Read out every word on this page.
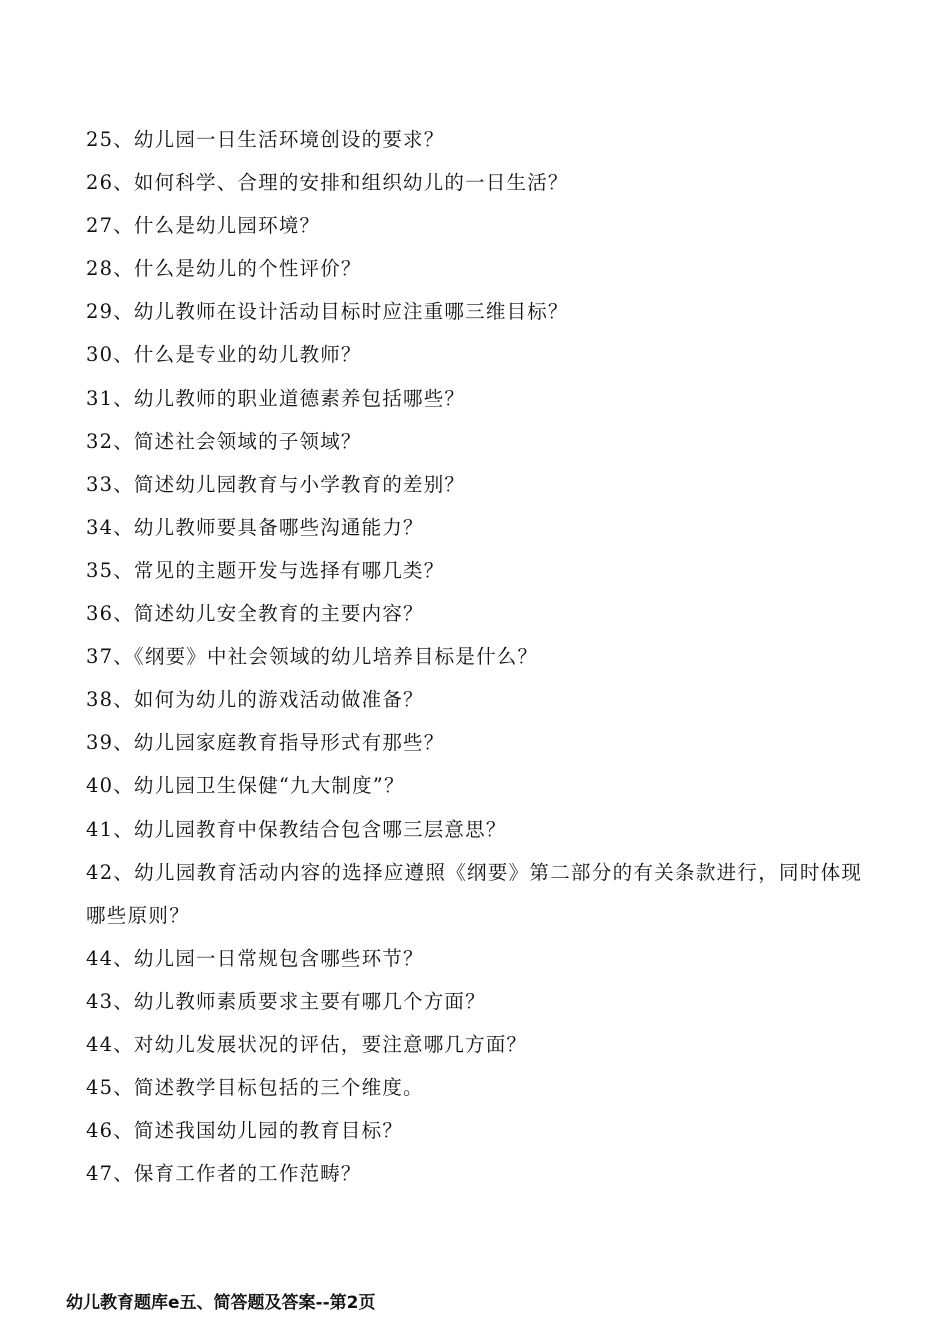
25、幼儿园一日生活环境创设的要求？
26、如何科学、合理的安排和组织幼儿的一日生活？
27、什么是幼儿园环境？
28、什么是幼儿的个性评价？
29、幼儿教师在设计活动目标时应注重哪三维目标？
30、什么是专业的幼儿教师？
31、幼儿教师的职业道德素养包括哪些？
32、简述社会领域的子领域？
33、简述幼儿园教育与小学教育的差别？
34、幼儿教师要具备哪些沟通能力？
35、常见的主题开发与选择有哪几类？
36、简述幼儿安全教育的主要内容？
37、《纲要》中社会领域的幼儿培养目标是什么？
38、如何为幼儿的游戏活动做准备？
39、幼儿园家庭教育指导形式有那些？
40、幼儿园卫生保健“九大制度”？
41、幼儿园教育中保教结合包含哪三层意思？
42、幼儿园教育活动内容的选择应遵照《纲要》第二部分的有关条款进行，同时体现哪些原则？
44、幼儿园一日常规包含哪些环节？
43、幼儿教师素质要求主要有哪几个方面？
44、对幼儿发展状况的评估，要注意哪几方面？
45、简述教学目标包括的三个维度。
46、简述我国幼儿园的教育目标？
47、保育工作者的工作范畴？
幼儿教育题库e五、简答题及答案--第2页
